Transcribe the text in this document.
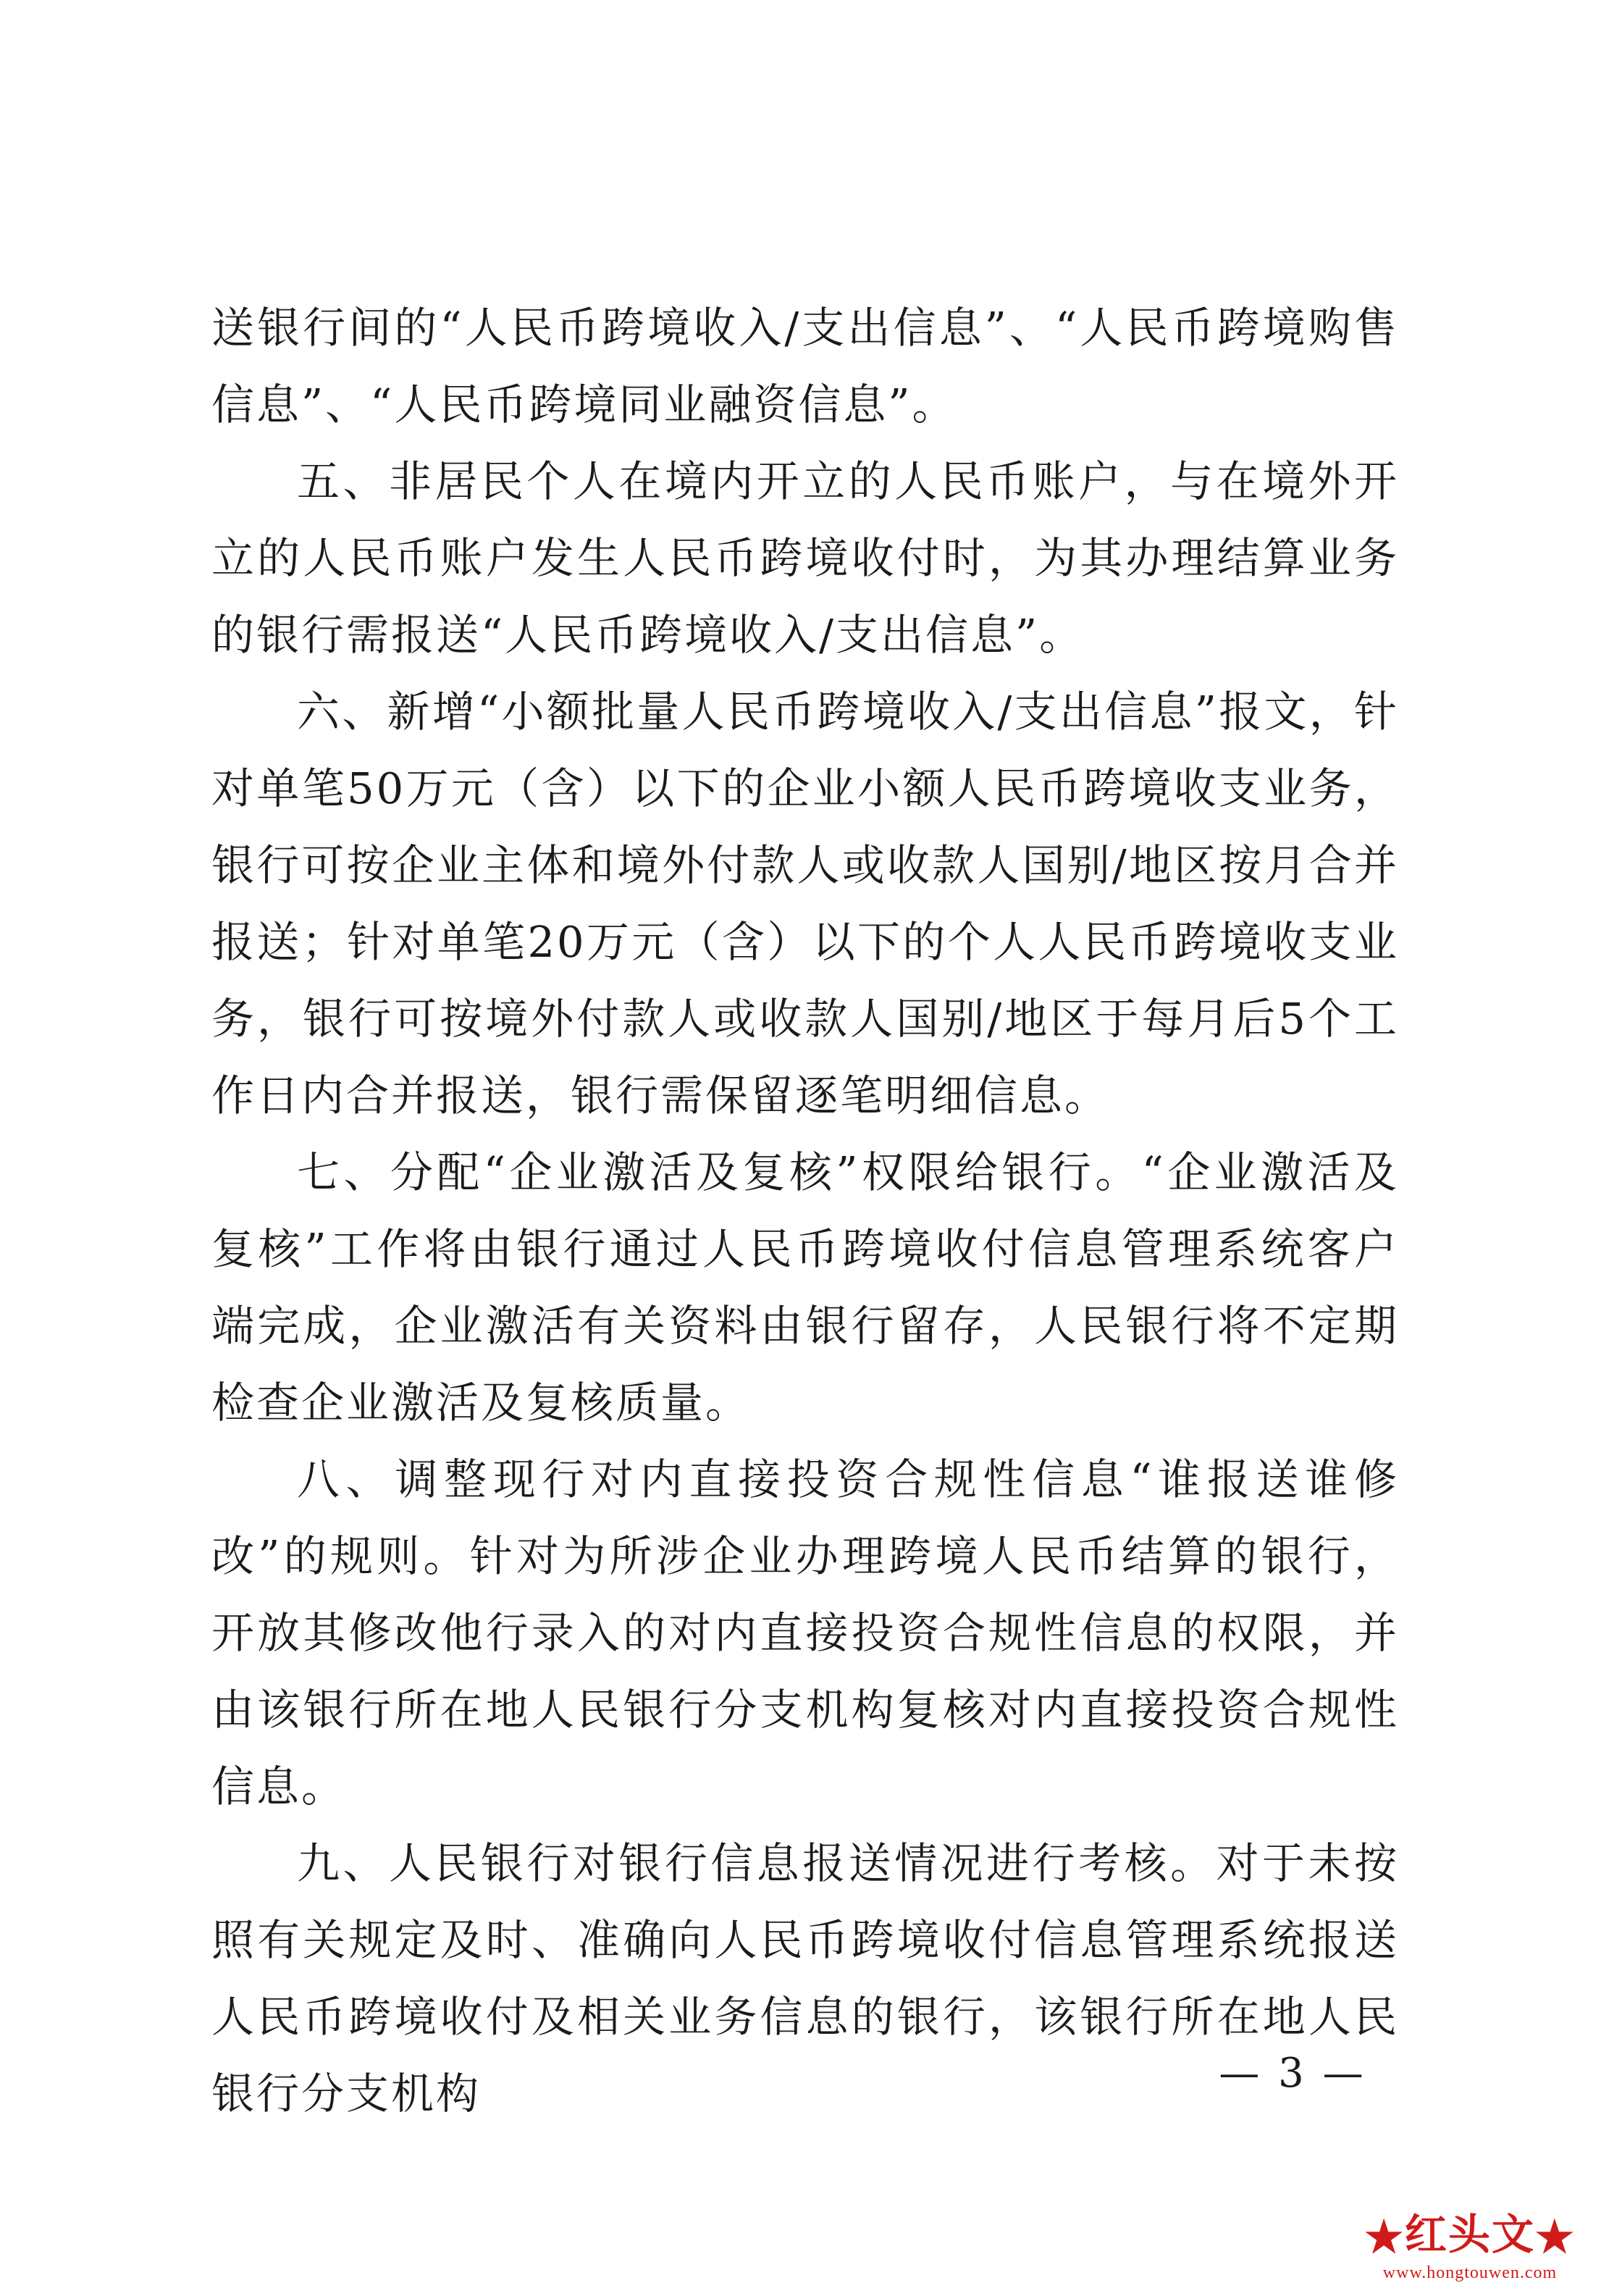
送银行间的“人民币跨境收入/支出信息”、“人民币跨境购售信息”、“人民币跨境同业融资信息”。

五、非居民个人在境内开立的人民币账户，与在境外开立的人民币账户发生人民币跨境收付时，为其办理结算业务的银行需报送“人民币跨境收入/支出信息”。

六、新增“小额批量人民币跨境收入/支出信息”报文，针对单笔50万元（含）以下的企业小额人民币跨境收支业务，银行可按企业主体和境外付款人或收款人国别/地区按月合并报送；针对单笔20万元（含）以下的个人人民币跨境收支业务，银行可按境外付款人或收款人国别/地区于每月后5个工作日内合并报送，银行需保留逐笔明细信息。

七、分配“企业激活及复核”权限给银行。“企业激活及复核”工作将由银行通过人民币跨境收付信息管理系统客户端完成，企业激活有关资料由银行留存，人民银行将不定期检查企业激活及复核质量。

八、调整现行对内直接投资合规性信息“谁报送谁修改”的规则。针对为所涉企业办理跨境人民币结算的银行，开放其修改他行录入的对内直接投资合规性信息的权限，并由该银行所在地人民银行分支机构复核对内直接投资合规性信息。

九、人民银行对银行信息报送情况进行考核。对于未按照有关规定及时、准确向人民币跨境收付信息管理系统报送人民币跨境收付及相关业务信息的银行，该银行所在地人民银行分支机构	— 3 —
★红头文★
www.hongtouwen.com
